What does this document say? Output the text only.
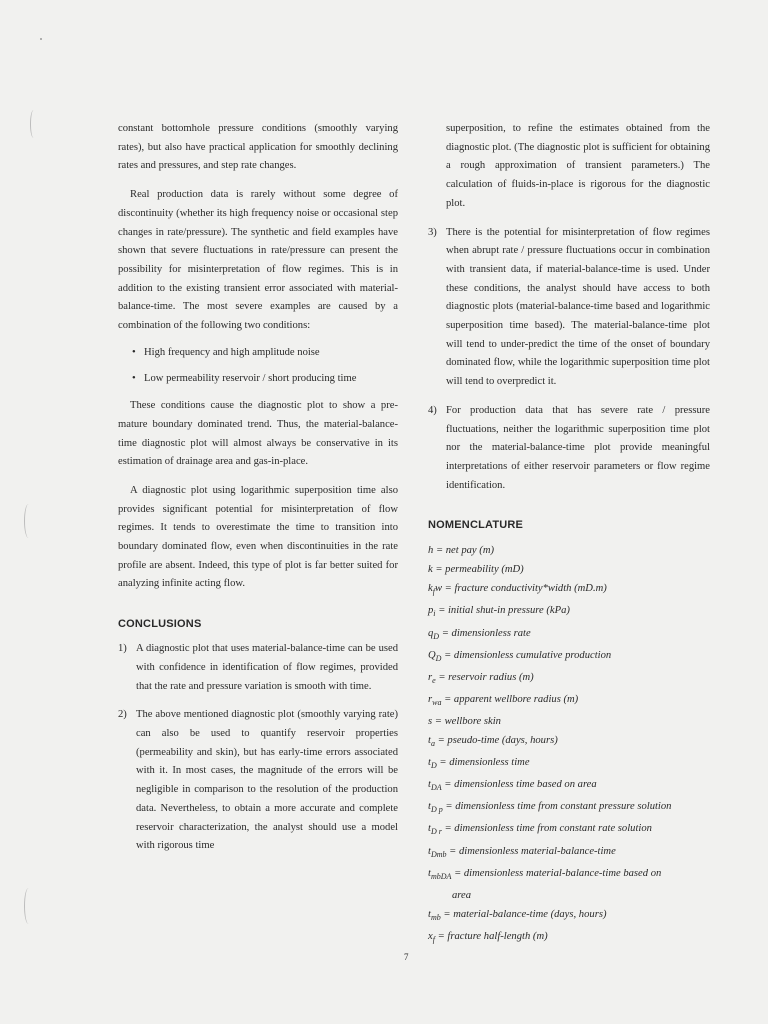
constant bottomhole pressure conditions (smoothly varying rates), but also have practical application for smoothly declining rates and pressures, and step rate changes.

Real production data is rarely without some degree of discontinuity (whether its high frequency noise or occasional step changes in rate/pressure). The synthetic and field examples have shown that severe fluctuations in rate/pressure can present the possibility for misinterpretation of flow regimes. This is in addition to the existing transient error associated with material-balance-time. The most severe examples are caused by a combination of the following two conditions:

• High frequency and high amplitude noise
• Low permeability reservoir / short producing time

These conditions cause the diagnostic plot to show a pre-mature boundary dominated trend. Thus, the material-balance-time diagnostic plot will almost always be conservative in its estimation of drainage area and gas-in-place.

A diagnostic plot using logarithmic superposition time also provides significant potential for misinterpretation of flow regimes. It tends to overestimate the time to transition into boundary dominated flow, even when discontinuities in the rate profile are absent. Indeed, this type of plot is far better suited for analyzing infinite acting flow.

CONCLUSIONS
1) A diagnostic plot that uses material-balance-time can be used with confidence in identification of flow regimes, provided that the rate and pressure variation is smooth with time.

2) The above mentioned diagnostic plot (smoothly varying rate) can also be used to quantify reservoir properties (permeability and skin), but has early-time errors associated with it. In most cases, the magnitude of the errors will be negligible in comparison to the resolution of the production data. Nevertheless, to obtain a more accurate and complete reservoir characterization, the analyst should use a model with rigorous time

superposition, to refine the estimates obtained from the diagnostic plot. (The diagnostic plot is sufficient for obtaining a rough approximation of transient parameters.) The calculation of fluids-in-place is rigorous for the diagnostic plot.

3) There is the potential for misinterpretation of flow regimes when abrupt rate / pressure fluctuations occur in combination with transient data, if material-balance-time is used. Under these conditions, the analyst should have access to both diagnostic plots (material-balance-time based and logarithmic superposition time based). The material-balance-time plot will tend to under-predict the time of the onset of boundary dominated flow, while the logarithmic superposition time plot will tend to overpredict it.

4) For production data that has severe rate / pressure fluctuations, neither the logarithmic superposition time plot nor the material-balance-time plot provide meaningful interpretations of either reservoir parameters or flow regime identification.

NOMENCLATURE
h = net pay (m)
k = permeability (mD)
$k_fw$ = fracture conductivity*width (mD.m)
$p_i$ = initial shut-in pressure (kPa)
$q_D$ = dimensionless rate
$Q_D$ = dimensionless cumulative production
$r_e$ = reservoir radius (m)
$r_{wa}$ = apparent wellbore radius (m)
s = wellbore skin
$t_a$ = pseudo-time (days, hours)
$t_D$ = dimensionless time
$t_{DA}$ = dimensionless time based on area
$t_{D p}$ = dimensionless time from constant pressure solution
$t_{D r}$ = dimensionless time from constant rate solution
$t_{Dmb}$ = dimensionless material-balance-time
$t_{mbDA}$ = dimensionless material-balance-time based on
area
$t_{mb}$ = material-balance-time (days, hours)
$x_f$ = fracture half-length (m)
7
